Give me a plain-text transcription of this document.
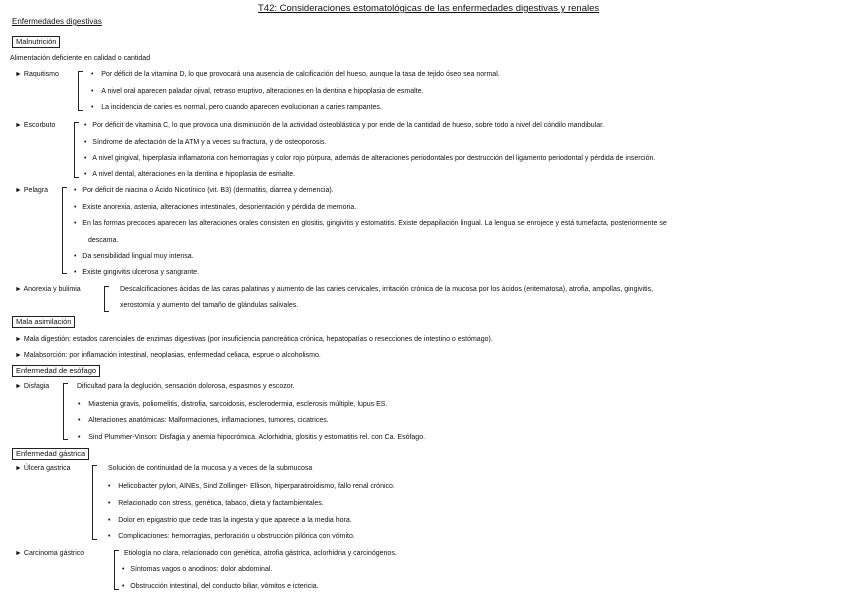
T42: Consideraciones estomatológicas de las enfermedades digestivas y renales
Enfermedades digestivas
Malnutrición
Alimentación deficiente en calidad o cantidad
► Raquitismo	• Por déficit de la vitamina D, lo que provocará una ausencia de calcificación del hueso, aunque la tasa de tejido óseo sea normal.
• A nivel oral aparecen paladar ojival, retraso eruptivo, alteraciones en la dentina e hipoplasia de esmalte.
• La incidencia de caries es normal, pero cuando aparecen evolucionan a caries rampantes.
► Escorbuto	• Por déficit de vitamina C, lo que provoca una disminución de la actividad osteoblástica y por ende de la cantidad de hueso, sobre todo a nivel del cóndilo mandibular.
• Síndrome de afectación de la ATM y a veces su fractura, y de osteoporosis.
• A nivel gingival, hiperplasia inflamatoria con hemorragias y color rojo púrpura, además de alteraciones periodontales por destrucción del ligamento periodontal y pérdida de inserción.
• A nivel dental, alteraciones en la dentina e hipoplasia de esmalte.
► Pelagra	• Por déficit de niacina o Ácido Nicotínico (vit. B3) (dermatitis, diarrea y demencia).
• Existe anorexia, astenia, alteraciones intestinales, desorientación y pérdida de memoria.
• En las formas precoces aparecen las alteraciones orales consisten en glositis, gingivitis y estomatitis. Existe depapilación lingual. La lengua se enrojece y está tumefacta, posteriormente se
descama.
• Da sensibilidad lingual muy intensa.
• Existe gingivitis ulcerosa y sangrante.
► Anorexia y bulimia	Descalcificaciones ácidas de las caras palatinas y aumento de las caries cervicales, irritación crónica de la mucosa por los ácidos (eritematosa), atrofia, ampollas, gingivitis,
xerostomía y aumento del tamaño de glándulas salivales.
Mala asimilación
► Mala digestión: estados carenciales de enzimas digestivas (por insuficiencia pancreática crónica, hepatopatías o resecciones de intestino o estómago).
► Malabsorción: por inflamación intestinal, neoplasias, enfermedad celiaca, esprue o alcoholismo.
Enfermedad de esófago
► Disfagia	Dificultad para la deglución, sensación dolorosa, espasmos y escozor.
• Miastenia gravis, poliomelitis, distrofia, sarcoidosis, esclerodermia, esclerosis múltiple, lupus ES.
• Alteraciones anatómicas: Malformaciones, inflamaciones, tumores, cicatrices.
• Sind Plummer-Vinson: Disfagia y anemia hipocrómica. Aclorhidria, glositis y estomatitis rel. con Ca. Esófago.
Enfermedad gástrica
► Úlcera gastrica	Solución de continuidad de la mucosa y a veces de la submucosa
• Helicobacter pylori, AINEs, Sind Zollinger- Ellison, hiperparatiroidismo, fallo renal crónico.
• Relacionado con stress, genética, tabaco, dieta y factambientales.
• Dolor en epigastrio que cede tras la ingesta y que aparece a la media hora.
• Complicaciones: hemorragias, perforación u obstrucción pilórica con vómito.
► Carcinoma gástrico	Etiología no clara, relacionado con genética, atrofia gástrica, aclorhidria y carcinógenos.
• Síntomas vagos o anodinos: dolor abdominal.
• Obstrucción intestinal, del conducto biliar, vómitos e ictericia.
